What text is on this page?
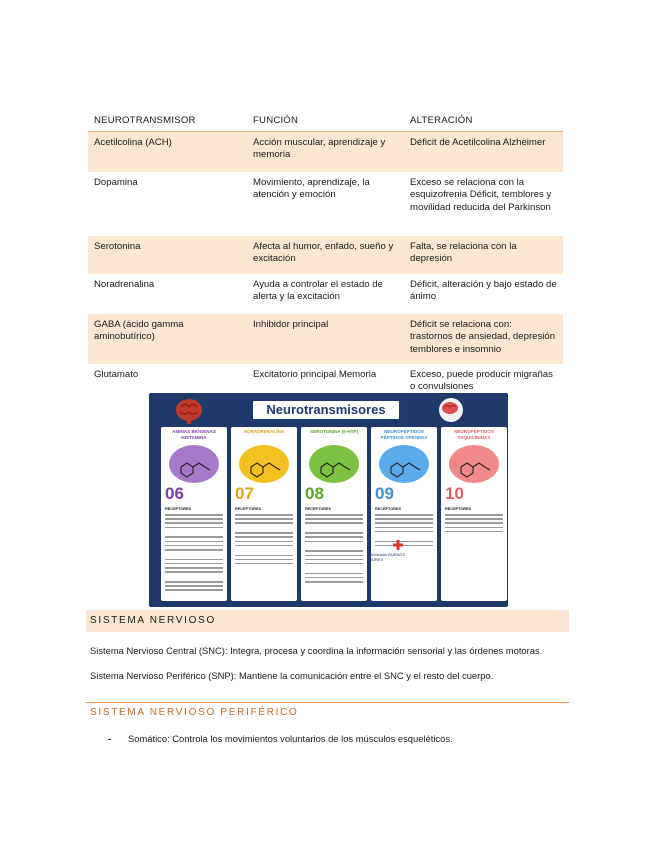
NEUROTRANSMISOR	FUNCIÓN	ALTERACIÓN
Acetilcolina (ACH)	Acción muscular, aprendizaje y memoria	Déficit de Acetilcolina Alzheimer
Dopamina	Movimiento, aprendizaje, la atención y emoción	Exceso se relaciona con la esquizofrenia Déficit, temblores y movilidad reducida del Parkinson
Serotonina	Afecta al humor, enfado, sueño y excitación	Falta, se relaciona con la depresión
Noradrenalina	Ayuda a controlar el estado de alerta y la excitación	Déficit, alteración y bajo estado de ánimo
GABA (ácido gamma aminobutírico)	Inhibidor principal	Déficit se relaciona con: trastornos de ansiedad, depresión temblores e insomnio
Glutamato	Excitatorio principal Memoria	Exceso, puede producir migrañas o convulsiones
Neurotransmisores
AMINAS BIÓGENAS HISTAMINA
06
RECEPTORES
NORADRENALINA
07
RECEPTORES
SEROTONINA (5-HTP)
08
RECEPTORES
NEUROPÉPTIDOS PÉPTIDOS OPIOIDES
09
RECEPTORES
NEUROPÉPTIDOS TAQUICININAS
10
RECEPTORES
Infosalus BUENOS AIRES
SISTEMA NERVIOSO
Sistema Nervioso Central (SNC): Integra, procesa y coordina la información sensorial y las órdenes motoras.
Sistema Nervioso Periférico (SNP): Mantiene la comunicación entre el SNC y el resto del cuerpo.
SISTEMA NERVIOSO PERIFÉRICO
- Somático: Controla los movimientos voluntarios de los músculos esqueléticos.
